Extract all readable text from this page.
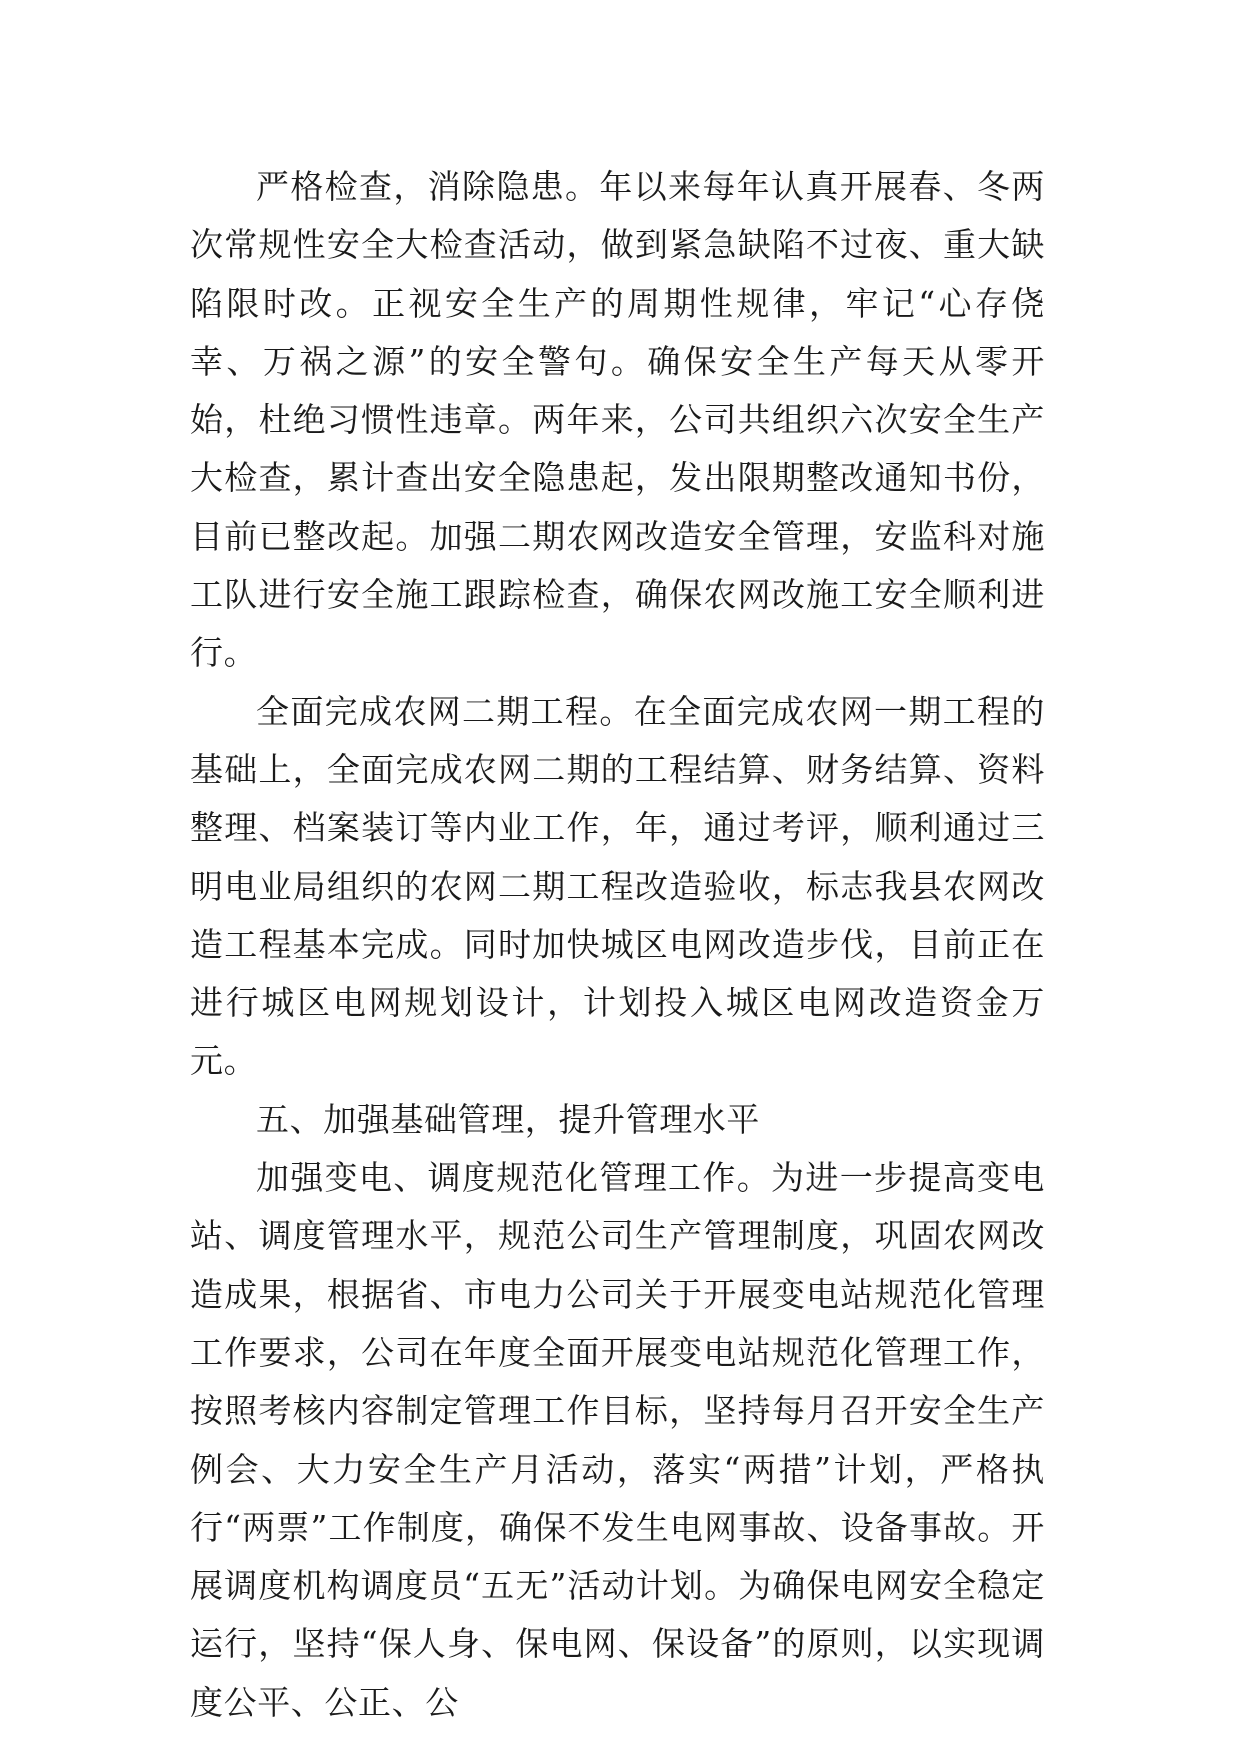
严格检查，消除隐患。年以来每年认真开展春、冬两次常规性安全大检查活动，做到紧急缺陷不过夜、重大缺陷限时改。正视安全生产的周期性规律，牢记“心存侥幸、万祸之源”的安全警句。确保安全生产每天从零开始，杜绝习惯性违章。两年来，公司共组织六次安全生产大检查，累计查出安全隐患起，发出限期整改通知书份，目前已整改起。加强二期农网改造安全管理，安监科对施工队进行安全施工跟踪检查，确保农网改施工安全顺利进行。

全面完成农网二期工程。在全面完成农网一期工程的基础上，全面完成农网二期的工程结算、财务结算、资料整理、档案装订等内业工作，年，通过考评，顺利通过三明电业局组织的农网二期工程改造验收，标志我县农网改造工程基本完成。同时加快城区电网改造步伐，目前正在进行城区电网规划设计，计划投入城区电网改造资金万元。

五、加强基础管理，提升管理水平

加强变电、调度规范化管理工作。为进一步提高变电站、调度管理水平，规范公司生产管理制度，巩固农网改造成果，根据省、市电力公司关于开展变电站规范化管理工作要求，公司在年度全面开展变电站规范化管理工作，按照考核内容制定管理工作目标，坚持每月召开安全生产例会、大力安全生产月活动，落实“两措”计划，严格执行“两票”工作制度，确保不发生电网事故、设备事故。开展调度机构调度员“五无”活动计划。为确保电网安全稳定运行，坚持“保人身、保电网、保设备”的原则，以实现调度公平、公正、公
